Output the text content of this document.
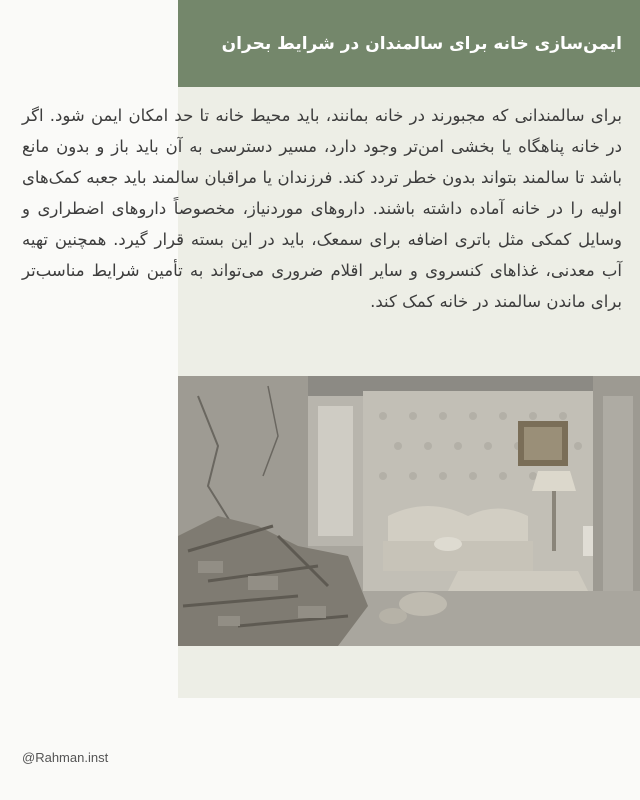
ایمن‌سازی خانه برای سالمندان در شرایط بحران

برای سالمندانی که مجبورند در خانه بمانند، باید محیط خانه تا حد امکان ایمن شود. اگر در خانه پناهگاه یا بخشی امن‌تر وجود دارد، مسیر دسترسی به آن باید باز و بدون مانع باشد تا سالمند بتواند بدون خطر تردد کند. فرزندان یا مراقبان سالمند باید جعبه کمک‌های اولیه را در خانه آماده داشته باشند. داروهای موردنیاز، مخصوصاً داروهای اضطراری و وسایل کمکی مثل باتری اضافه برای سمعک، باید در این بسته قرار گیرد. همچنین تهیه آب معدنی، غذاهای کنسروی و سایر اقلام ضروری می‌تواند به تأمین شرایط مناسب‌تر برای ماندن سالمند در خانه کمک کند.

@Rahman.inst
